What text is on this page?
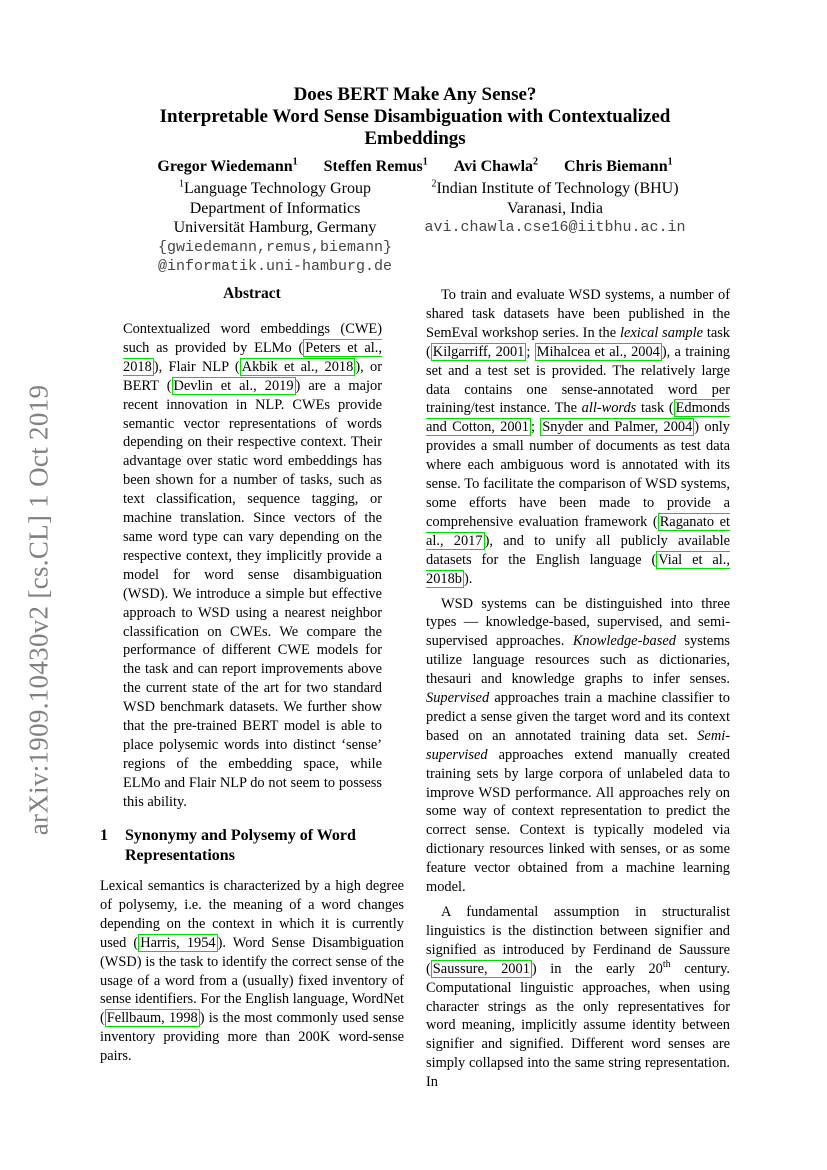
Does BERT Make Any Sense?
Interpretable Word Sense Disambiguation with Contextualized
Embeddings
Gregor Wiedemann$^1$ Steffen Remus$^1$ Avi Chawla$^2$ Chris Biemann$^1$
$^1$Language Technology Group
Department of Informatics
Universität Hamburg, Germany
{gwiedemann,remus,biemann}
@informatik.uni-hamburg.de
$^2$Indian Institute of Technology (BHU)
Varanasi, India
avi.chawla.cse16@iitbhu.ac.in
arXiv:1909.10430v2 [cs.CL] 1 Oct 2019
Abstract

Contextualized word embeddings (CWE) such as provided by ELMo ( Peters et al., 2018 ), Flair NLP ( Akbik et al., 2018 ), or BERT ( Devlin et al., 2019 ) are a major recent innovation in NLP. CWEs provide semantic vector representations of words depending on their respective context. Their advantage over static word embeddings has been shown for a number of tasks, such as text classification, sequence tagging, or machine translation. Since vectors of the same word type can vary depending on the respective context, they implicitly provide a model for word sense disambiguation (WSD). We introduce a simple but effective approach to WSD using a nearest neighbor classification on CWEs. We compare the performance of different CWE models for the task and can report improvements above the current state of the art for two standard WSD benchmark datasets. We further show that the pre-trained BERT model is able to place polysemic words into distinct ‘sense’ regions of the embedding space, while ELMo and Flair NLP do not seem to possess this ability.

1 Synonymy and Polysemy of Word Representations

Lexical semantics is characterized by a high degree of polysemy, i.e. the meaning of a word changes depending on the context in which it is currently used ( Harris, 1954 ). Word Sense Disambiguation (WSD) is the task to identify the correct sense of the usage of a word from a (usually) fixed inventory of sense identifiers. For the English language, WordNet ( Fellbaum, 1998 ) is the most commonly used sense inventory providing more than 200K word-sense pairs.

To train and evaluate WSD systems, a number of shared task datasets have been published in the SemEval workshop series. In the lexical sample task ( Kilgarriff, 2001 ; Mihalcea et al., 2004 ), a training set and a test set is provided. The relatively large data contains one sense-annotated word per training/test instance. The all-words task ( Edmonds and Cotton, 2001 ; Snyder and Palmer, 2004 ) only provides a small number of documents as test data where each ambiguous word is annotated with its sense. To facilitate the comparison of WSD systems, some efforts have been made to provide a comprehensive evaluation framework ( Raganato et al., 2017 ), and to unify all publicly available datasets for the English language ( Vial et al., 2018b ).

WSD systems can be distinguished into three types — knowledge-based, supervised, and semi-supervised approaches. Knowledge-based systems utilize language resources such as dictionaries, thesauri and knowledge graphs to infer senses. Supervised approaches train a machine classifier to predict a sense given the target word and its context based on an annotated training data set. Semi-supervised approaches extend manually created training sets by large corpora of unlabeled data to improve WSD performance. All approaches rely on some way of context representation to predict the correct sense. Context is typically modeled via dictionary resources linked with senses, or as some feature vector obtained from a machine learning model.

A fundamental assumption in structuralist linguistics is the distinction between signifier and signified as introduced by Ferdinand de Saussure ( Saussure, 2001 ) in the early 20th century. Computational linguistic approaches, when using character strings as the only representatives for word meaning, implicitly assume identity between signifier and signified. Different word senses are simply collapsed into the same string representation. In
